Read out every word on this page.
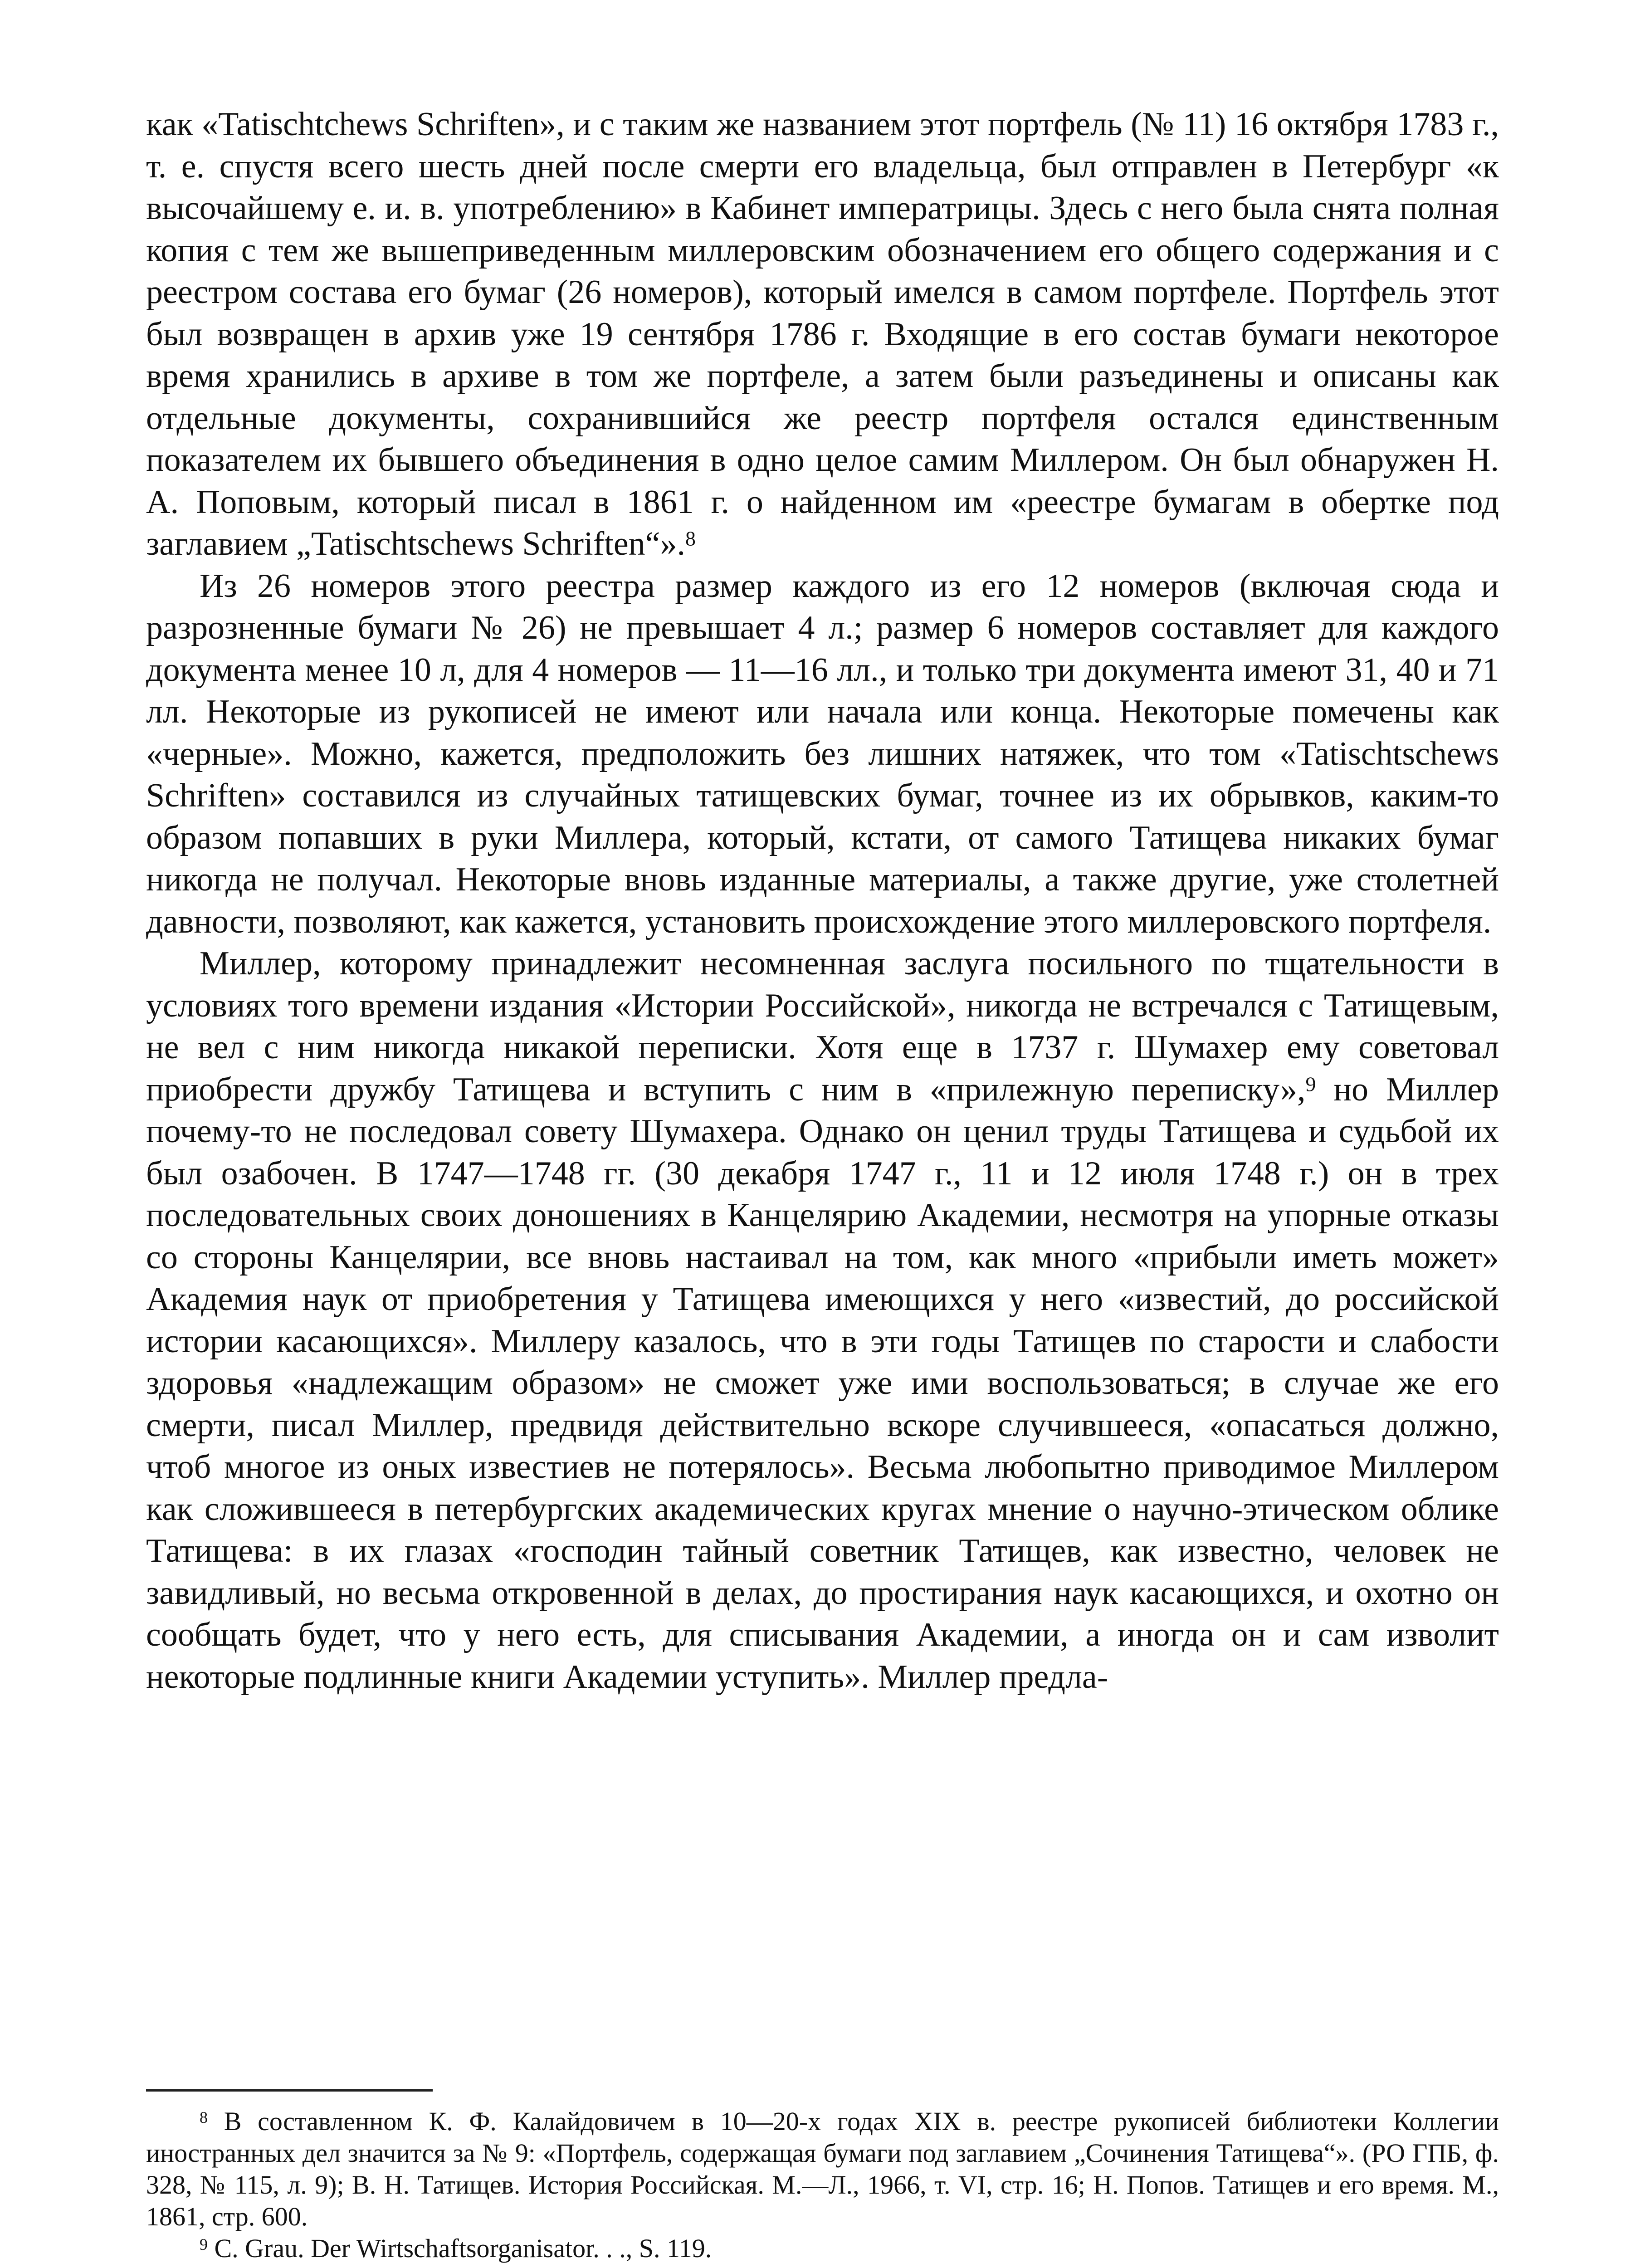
как «Tatischtchews Schriften», и с таким же названием этот портфель (№ 11) 16 октября 1783 г., т. е. спустя всего шесть дней после смерти его владельца, был отправлен в Петербург «к высочайшему е. и. в. употреблению» в Кабинет императрицы. Здесь с него была снята полная копия с тем же вышеприведенным миллеровским обозначением его общего содержания и с реестром состава его бумаг (26 номеров), который имелся в самом портфеле. Портфель этот был возвращен в архив уже 19 сентября 1786 г. Входящие в его состав бумаги некоторое время хранились в архиве в том же портфеле, а затем были разъединены и описаны как отдельные документы, сохранившийся же реестр портфеля остался единственным показателем их бывшего объединения в одно целое самим Миллером. Он был обнаружен Н. А. Поповым, который писал в 1861 г. о найденном им «реестре бумагам в обертке под заглавием „Tatischtschews Schriften“».$^8$

Из 26 номеров этого реестра размер каждого из его 12 номеров (включая сюда и разрозненные бумаги № 26) не превышает 4 л.; размер 6 номеров составляет для каждого документа менее 10 л, для 4 номеров — 11—16 лл., и только три документа имеют 31, 40 и 71 лл. Некоторые из рукописей не имеют или начала или конца. Некоторые помечены как «черные». Можно, кажется, предположить без лишних натяжек, что том «Tatischtschews Schriften» составился из случайных татищевских бумаг, точнее из их обрывков, каким-то образом попавших в руки Миллера, который, кстати, от самого Татищева никаких бумаг никогда не получал. Некоторые вновь изданные материалы, а также другие, уже столетней давности, позволяют, как кажется, установить происхождение этого миллеровского портфеля.

Миллер, которому принадлежит несомненная заслуга посильного по тщательности в условиях того времени издания «Истории Российской», никогда не встречался с Татищевым, не вел с ним никогда никакой переписки. Хотя еще в 1737 г. Шумахер ему советовал приобрести дружбу Татищева и вступить с ним в «прилежную переписку»,$^9$ но Миллер почему-то не последовал совету Шумахера. Однако он ценил труды Татищева и судьбой их был озабочен. В 1747—1748 гг. (30 декабря 1747 г., 11 и 12 июля 1748 г.) он в трех последовательных своих доношениях в Канцелярию Академии, несмотря на упорные отказы со стороны Канцелярии, все вновь настаивал на том, как много «прибыли иметь может» Академия наук от приобретения у Татищева имеющихся у него «известий, до российской истории касающихся». Миллеру казалось, что в эти годы Татищев по старости и слабости здоровья «надлежащим образом» не сможет уже ими воспользоваться; в случае же его смерти, писал Миллер, предвидя действительно вскоре случившееся, «опасаться должно, чтоб многое из оных известиев не потерялось». Весьма любопытно приводимое Миллером как сложившееся в петербургских академических кругах мнение о научно-этическом облике Татищева: в их глазах «господин тайный советник Татищев, как известно, человек не завидливый, но весьма откровенной в делах, до простирания наук касающихся, и охотно он сообщать будет, что у него есть, для списывания Академии, а иногда он и сам изволит некоторые подлинные книги Академии уступить». Миллер предла-

$^8$ В составленном К. Ф. Калайдовичем в 10—20-х годах XIX в. реестре рукописей библиотеки Коллегии иностранных дел значится за № 9: «Портфель, содержащая бумаги под заглавием „Сочинения Татищева“». (РО ГПБ, ф. 328, № 115, л. 9); В. Н. Татищев. История Российская. М.—Л., 1966, т. VI, стр. 16; Н. Попов. Татищев и его время. М., 1861, стр. 600.

$^9$ С. Grau. Der Wirtschaftsorganisator. . ., S. 119.
